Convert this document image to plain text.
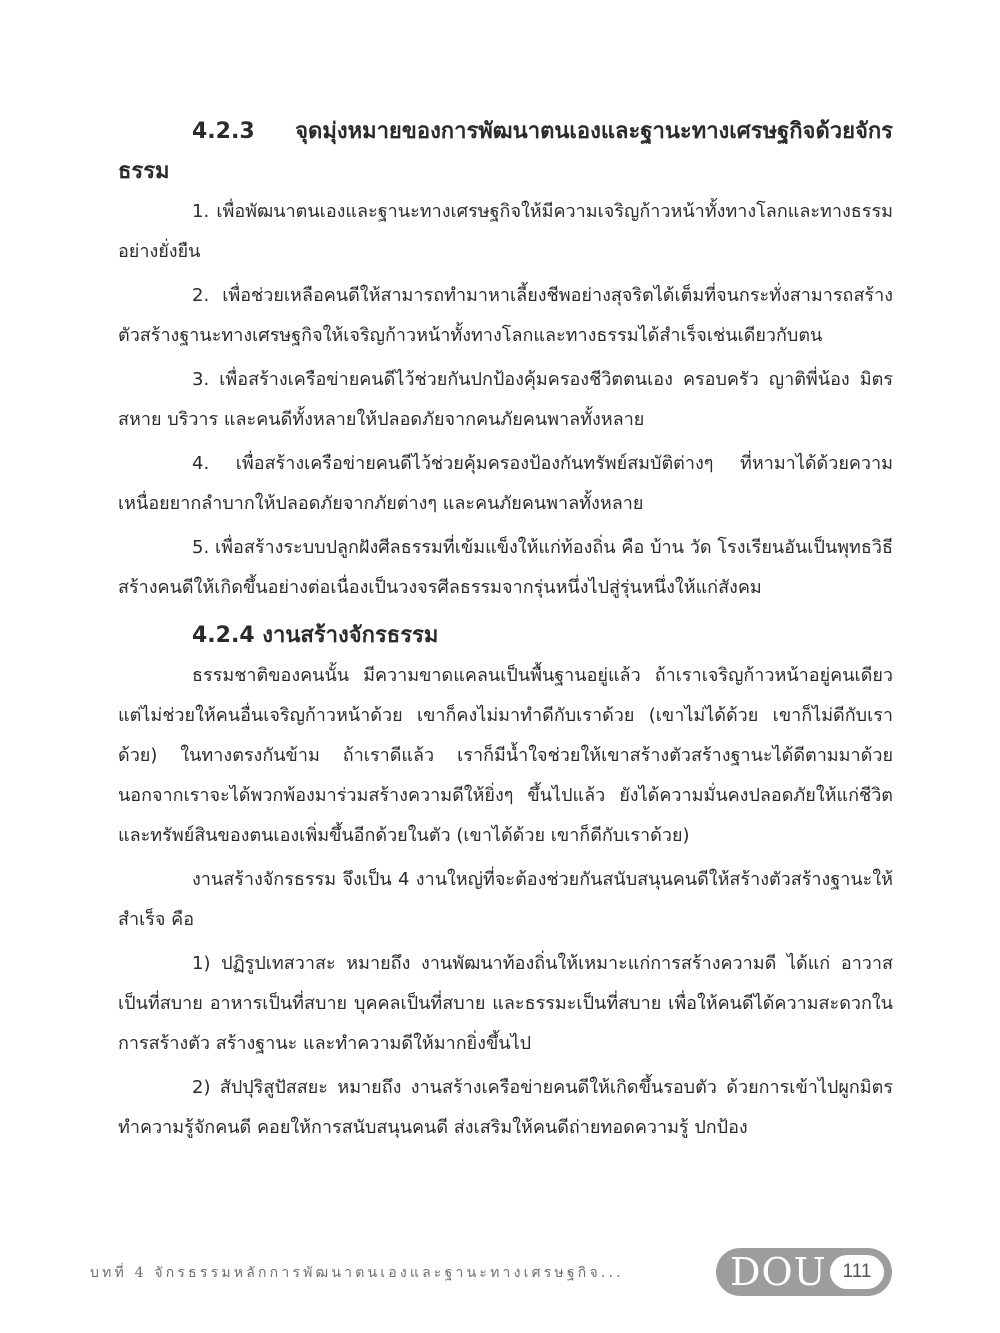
4.2.3 จุดมุ่งหมายของการพัฒนาตนเองและฐานะทางเศรษฐกิจด้วยจักรธรรม

1. เพื่อพัฒนาตนเองและฐานะทางเศรษฐกิจให้มีความเจริญก้าวหน้าทั้งทางโลกและทางธรรมอย่างยั่งยืน

2. เพื่อช่วยเหลือคนดีให้สามารถทำมาหาเลี้ยงชีพอย่างสุจริตได้เต็มที่จนกระทั่งสามารถสร้างตัวสร้างฐานะทางเศรษฐกิจให้เจริญก้าวหน้าทั้งทางโลกและทางธรรมได้สำเร็จเช่นเดียวกับตน

3. เพื่อสร้างเครือข่ายคนดีไว้ช่วยกันปกป้องคุ้มครองชีวิตตนเอง ครอบครัว ญาติพี่น้อง มิตรสหาย บริวาร และคนดีทั้งหลายให้ปลอดภัยจากคนภัยคนพาลทั้งหลาย

4. เพื่อสร้างเครือข่ายคนดีไว้ช่วยคุ้มครองป้องกันทรัพย์สมบัติต่างๆ ที่หามาได้ด้วยความเหนื่อยยากลำบากให้ปลอดภัยจากภัยต่างๆ และคนภัยคนพาลทั้งหลาย

5. เพื่อสร้างระบบปลูกฝังศีลธรรมที่เข้มแข็งให้แก่ท้องถิ่น คือ บ้าน วัด โรงเรียนอันเป็นพุทธวิธีสร้างคนดีให้เกิดขึ้นอย่างต่อเนื่องเป็นวงจรศีลธรรมจากรุ่นหนึ่งไปสู่รุ่นหนึ่งให้แก่สังคม

4.2.4 งานสร้างจักรธรรม

ธรรมชาติของคนนั้น มีความขาดแคลนเป็นพื้นฐานอยู่แล้ว ถ้าเราเจริญก้าวหน้าอยู่คนเดียว แต่ไม่ช่วยให้คนอื่นเจริญก้าวหน้าด้วย เขาก็คงไม่มาทำดีกับเราด้วย (เขาไม่ได้ด้วย เขาก็ไม่ดีกับเราด้วย) ในทางตรงกันข้าม ถ้าเราดีแล้ว เราก็มีน้ำใจช่วยให้เขาสร้างตัวสร้างฐานะได้ดีตามมาด้วย นอกจากเราจะได้พวกพ้องมาร่วมสร้างความดีให้ยิ่งๆ ขึ้นไปแล้ว ยังได้ความมั่นคงปลอดภัยให้แก่ชีวิตและทรัพย์สินของตนเองเพิ่มขึ้นอีกด้วยในตัว (เขาได้ด้วย เขาก็ดีกับเราด้วย)

งานสร้างจักรธรรม จึงเป็น 4 งานใหญ่ที่จะต้องช่วยกันสนับสนุนคนดีให้สร้างตัวสร้างฐานะให้สำเร็จ คือ

1) ปฏิรูปเทสวาสะ หมายถึง งานพัฒนาท้องถิ่นให้เหมาะแก่การสร้างความดี ได้แก่ อาวาสเป็นที่สบาย อาหารเป็นที่สบาย บุคคลเป็นที่สบาย และธรรมะเป็นที่สบาย เพื่อให้คนดีได้ความสะดวกในการสร้างตัว สร้างฐานะ และทำความดีให้มากยิ่งขึ้นไป

2) สัปปุริสูปัสสยะ หมายถึง งานสร้างเครือข่ายคนดีให้เกิดขึ้นรอบตัว ด้วยการเข้าไปผูกมิตรทำความรู้จักคนดี คอยให้การสนับสนุนคนดี ส่งเสริมให้คนดีถ่ายทอดความรู้ ปกป้อง

บทที่ 4 จักรธรรมหลักการพัฒนาตนเองและฐานะทางเศรษฐกิจ...	DOU 111
